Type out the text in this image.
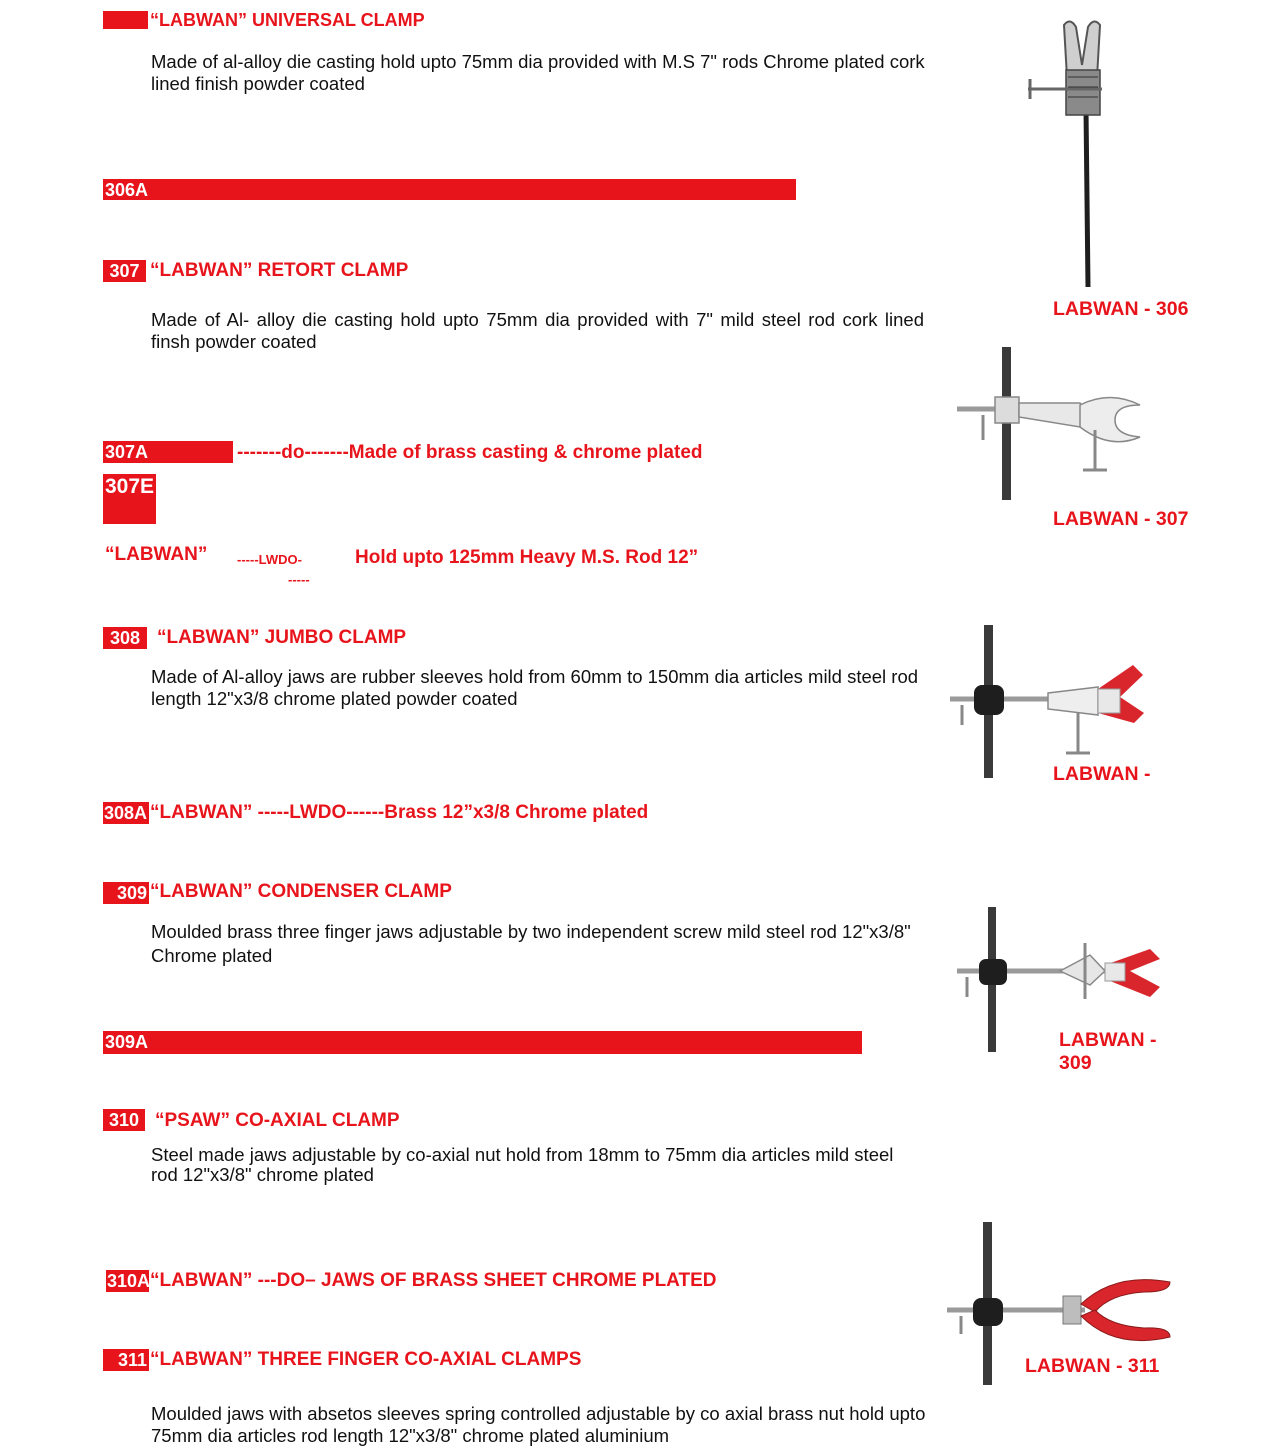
“LABWAN” UNIVERSAL CLAMP
Made of al-alloy die casting hold upto 75mm dia provided with M.S 7" rods Chrome plated cork lined finish powder coated
306A
307 “LABWAN” RETORT CLAMP
Made of Al- alloy die casting hold upto 75mm dia provided with 7" mild steel rod cork lined finsh powder coated
307A	-------do-------Made of brass casting & chrome plated
307E
“LABWAN” -----LWDO-
-----
Hold upto 125mm Heavy M.S. Rod 12”
308 “LABWAN” JUMBO CLAMP
Made of Al-alloy jaws are rubber sleeves hold from 60mm to 150mm dia articles mild steel rod length 12"x3/8 chrome plated powder coated
308A “LABWAN” -----LWDO------Brass 12”x3/8 Chrome plated
309 “LABWAN” CONDENSER CLAMP
Moulded brass three finger jaws adjustable by two independent screw mild steel rod 12"x3/8" Chrome plated
309A
310 “PSAW” CO-AXIAL CLAMP
Steel made jaws adjustable by co-axial nut hold from 18mm to 75mm dia articles mild steel rod 12"x3/8" chrome plated
310A “LABWAN” ---DO– JAWS OF BRASS SHEET CHROME PLATED
311 “LABWAN” THREE FINGER CO-AXIAL CLAMPS
Moulded jaws with absetos sleeves spring controlled adjustable by co axial brass nut hold upto 75mm dia articles rod length 12"x3/8" chrome plated aluminium
LABWAN - 306
LABWAN - 307
LABWAN -
LABWAN -
309
LABWAN - 311
